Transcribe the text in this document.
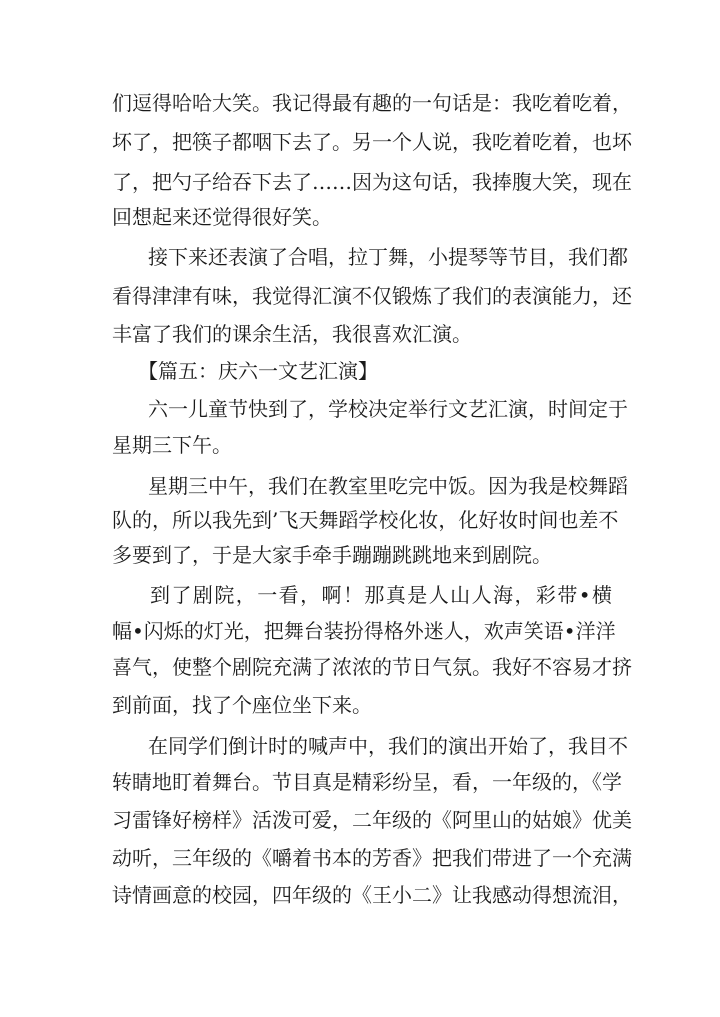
们逗得哈哈大笑。我记得最有趣的一句话是：我吃着吃着，
坏了，把筷子都咽下去了。另一个人说，我吃着吃着，也坏
了，把勺子给吞下去了……因为这句话，我捧腹大笑，现在
回想起来还觉得很好笑。
接下来还表演了合唱，拉丁舞，小提琴等节目，我们都
看得津津有味，我觉得汇演不仅锻炼了我们的表演能力，还
丰富了我们的课余生活，我很喜欢汇演。
【篇五：庆六一文艺汇演】
六一儿童节快到了，学校决定举行文艺汇演，时间定于
星期三下午。
星期三中午，我们在教室里吃完中饭。因为我是校舞蹈
队的，所以我先到’飞天舞蹈学校化妆，化好妆时间也差不
多要到了，于是大家手牵手蹦蹦跳跳地来到剧院。
到了剧院，一看，啊！那真是人山人海，彩带•横
幅•闪烁的灯光，把舞台装扮得格外迷人，欢声笑语•洋洋
喜气，使整个剧院充满了浓浓的节日气氛。我好不容易才挤
到前面，找了个座位坐下来。
在同学们倒计时的喊声中，我们的演出开始了，我目不
转睛地盯着舞台。节目真是精彩纷呈，看，一年级的，《学
习雷锋好榜样》活泼可爱，二年级的《阿里山的姑娘》优美
动听，三年级的《嚼着书本的芳香》把我们带进了一个充满
诗情画意的校园，四年级的《王小二》让我感动得想流泪，
